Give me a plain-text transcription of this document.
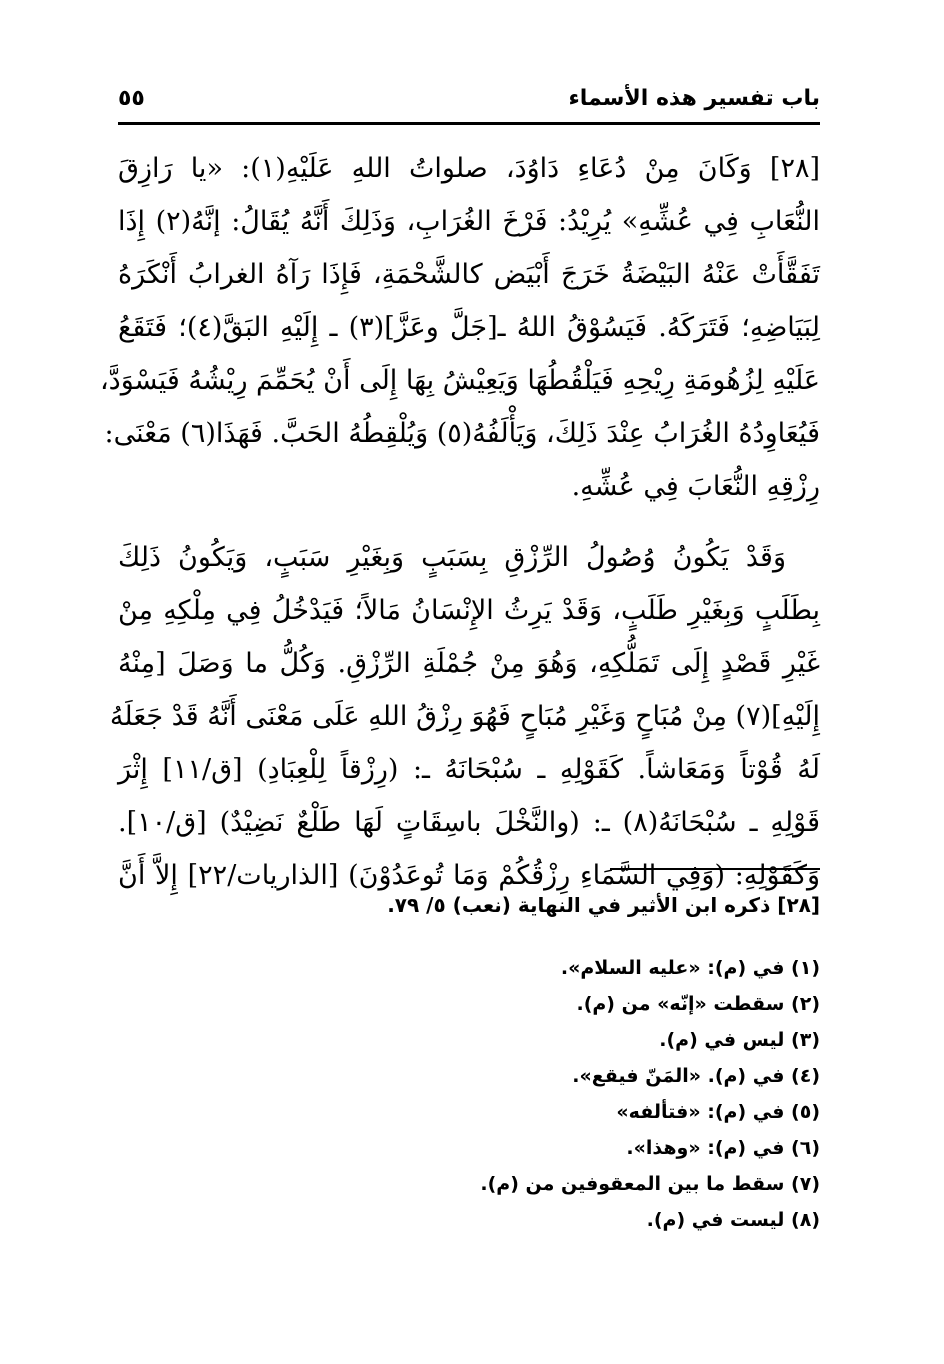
باب تفسير هذه الأسماء
٥٥
[٢٨] وَكَانَ مِنْ دُعَاءِ دَاوُدَ، صلواتُ اللهِ عَلَيْهِ(١): «يا رَازِقَ
النُّعَابِ فِي عُشِّهِ» يُرِيْدُ: فَرْخَ الغُرَابِ، وَذَلِكَ أَنَّهُ يُقَالُ: إنَّهُ(٢) إِذَا
تَفَقَّأَتْ عَنْهُ البَيْضَةُ خَرَجَ أَبْيَض كالشَّحْمَةِ، فَإِذَا رَآهُ الغرابُ أَنْكَرَهُ
لِبَيَاضِهِ؛ فَتَرَكَهُ. فَيَسُوْقُ اللهُ ـ[جَلَّ وعَزَّ](٣) ـ إِلَيْهِ البَقَّ(٤)؛ فَتَقَعُ
عَلَيْهِ لِزُهُومَةِ رِيْحِهِ فَيَلْقُطُهَا وَيَعِيْشُ بِهَا إِلَى أَنْ يُحَمِّمَ رِيْشُهُ فَيَسْوَدَّ،
فَيُعَاوِدُهُ الغُرَابُ عِنْدَ ذَلِكَ، وَيَأْلَفُهُ(٥) وَيُلْقِطُهُ الحَبَّ. فَهَذَا(٦) مَعْنَى:
رِزْقِهِ النُّعَابَ فِي عُشِّهِ.
وَقَدْ يَكُونُ وُصُولُ الرِّزْقِ بِسَبَبٍ وَبِغَيْرِ سَبَبٍ، وَيَكُونُ ذَلِكَ
بِطَلَبٍ وَبِغَيْرِ طَلَبٍ، وَقَدْ يَرِثُ الإِنْسَانُ مَالاً؛ فَيَدْخُلُ فِي مِلْكِهِ مِنْ
غَيْرِ قَصْدٍ إِلَى تَمَلُّكِهِ، وَهُوَ مِنْ جُمْلَةِ الرِّزْقِ. وَكُلُّ ما وَصَلَ [مِنْهُ
إِلَيْهِ](٧) مِنْ مُبَاحٍ وَغَيْرِ مُبَاحٍ فَهُوَ رِزْقُ اللهِ عَلَى مَعْنَى أَنَّهُ قَدْ جَعَلَهُ
لَهُ قُوْتاً وَمَعَاشاً. كَقَوْلِهِ ـ سُبْحَانَهُ ـ: (رِزْقاً لِلْعِبَادِ) [ق/١١] إِثْرَ
قَوْلِهِ ـ سُبْحَانَهُ(٨) ـ: (والنَّخْلَ باسِقَاتٍ لَهَا طَلْعٌ نَضِيْدٌ) [ق/١٠].
وَكَقَوْلِهِ: (وَفِي السَّمَاءِ رِزْقُكُمْ وَمَا تُوعَدُوْنَ) [الذاريات/٢٢] إِلاَّ أَنَّ
[٢٨] ذكره ابن الأثير في النهاية (نعب) ٥/ ٧٩.
(١) في (م): «عليه السلام».
(٢) سقطت «إنّه» من (م).
(٣) ليس في (م).
(٤) في (م). «المَنّ فيقع».
(٥) في (م): «فتألفه»
(٦) في (م): «وهذا».
(٧) سقط ما بين المعقوفين من (م).
(٨) ليست في (م).
